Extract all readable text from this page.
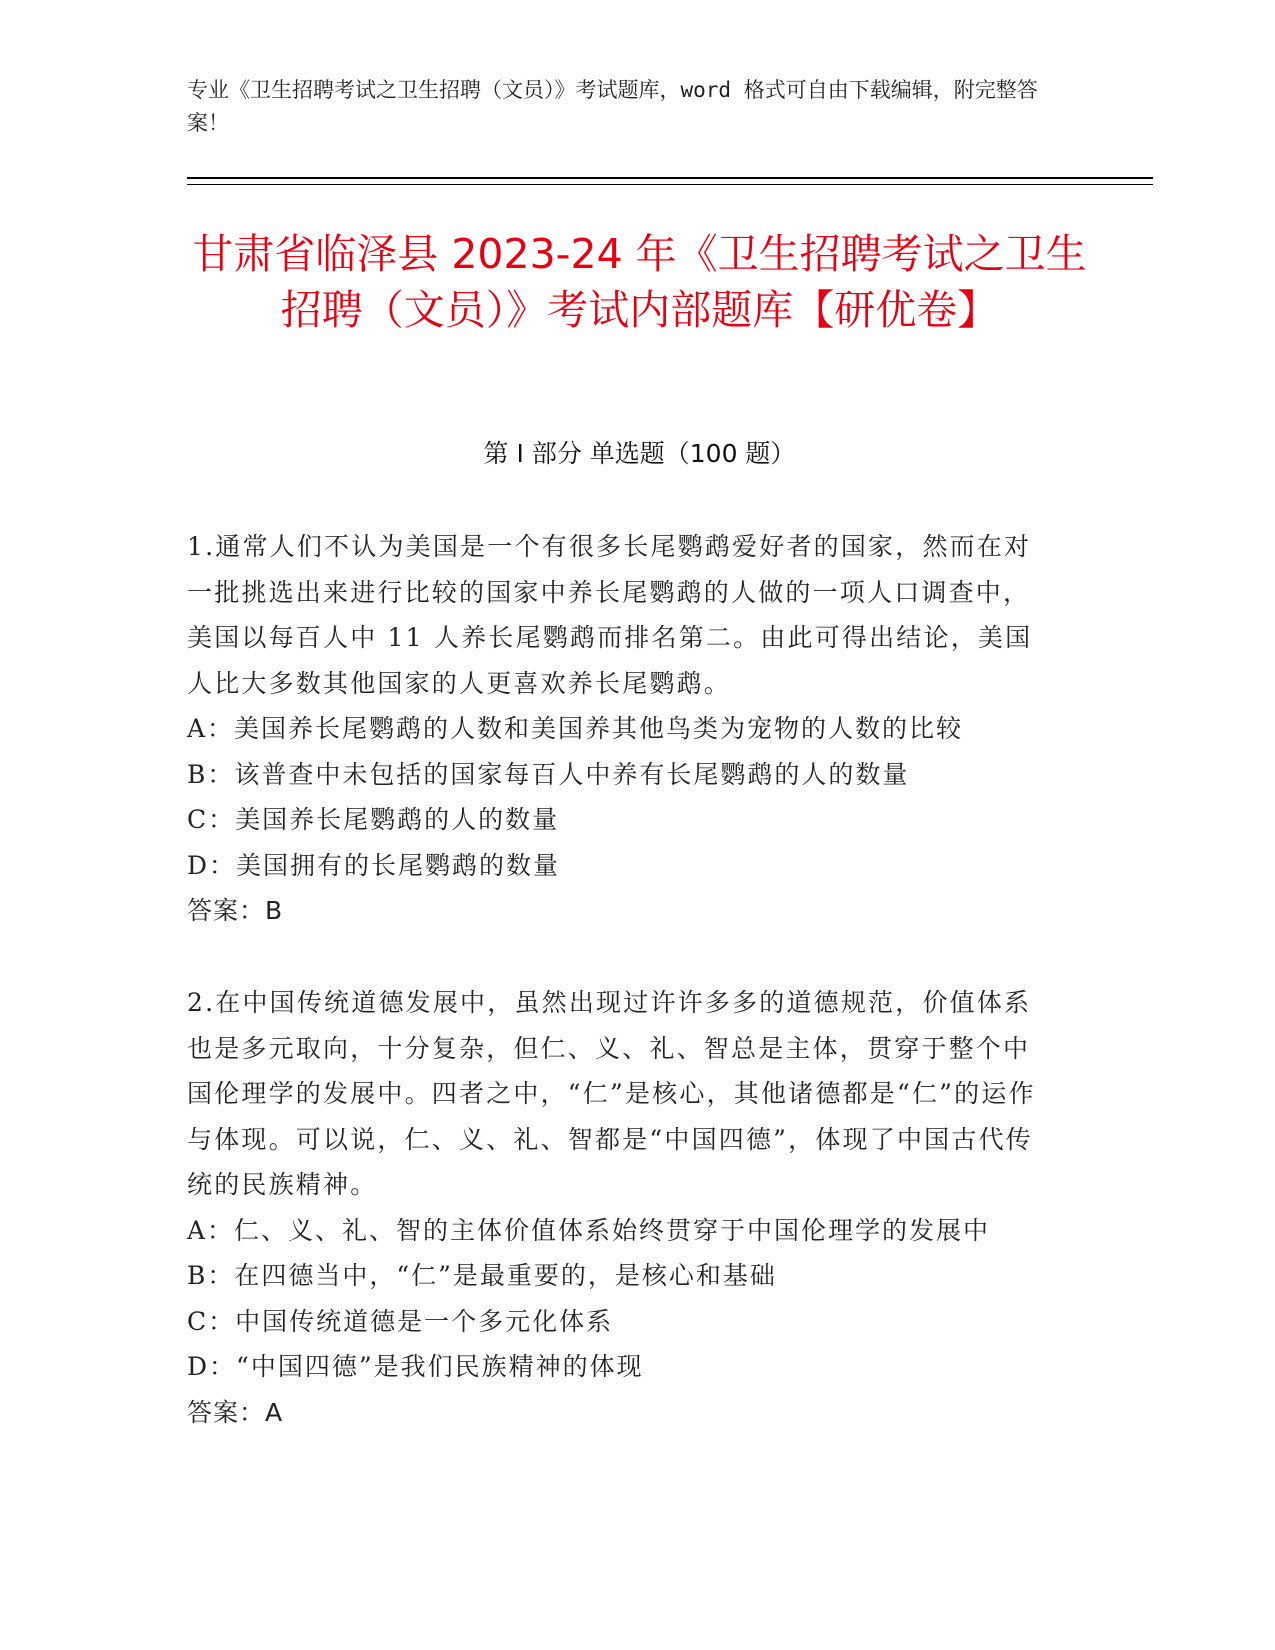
专业《卫生招聘考试之卫生招聘（文员）》考试题库，word 格式可自由下载编辑，附完整答案！
甘肃省临泽县 2023-24 年《卫生招聘考试之卫生招聘（文员）》考试内部题库【研优卷】
第 I 部分 单选题（100 题）

1.通常人们不认为美国是一个有很多长尾鹦鹉爱好者的国家，然而在对一批挑选出来进行比较的国家中养长尾鹦鹉的人做的一项人口调查中，美国以每百人中 11 人养长尾鹦鹉而排名第二。由此可得出结论，美国人比大多数其他国家的人更喜欢养长尾鹦鹉。

A：美国养长尾鹦鹉的人数和美国养其他鸟类为宠物的人数的比较

B：该普查中未包括的国家每百人中养有长尾鹦鹉的人的数量

C：美国养长尾鹦鹉的人的数量

D：美国拥有的长尾鹦鹉的数量

答案：B

2.在中国传统道德发展中，虽然出现过许许多多的道德规范，价值体系也是多元取向，十分复杂，但仁、义、礼、智总是主体，贯穿于整个中国伦理学的发展中。四者之中，“仁”是核心，其他诸德都是“仁”的运作与体现。可以说，仁、义、礼、智都是“中国四德”，体现了中国古代传统的民族精神。

A：仁、义、礼、智的主体价值体系始终贯穿于中国伦理学的发展中

B：在四德当中，“仁”是最重要的，是核心和基础

C：中国传统道德是一个多元化体系

D：“中国四德”是我们民族精神的体现

答案：A
